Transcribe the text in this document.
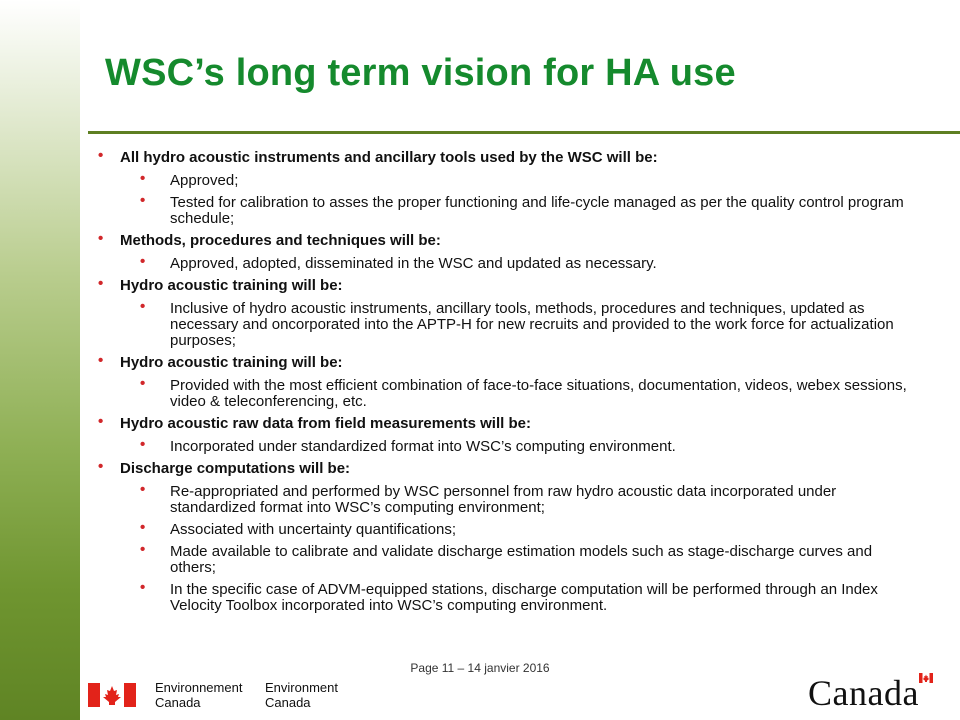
WSC’s long term vision for HA use
• All hydro acoustic instruments and ancillary tools used by the WSC will be:
• Approved;
• Tested for calibration to asses the proper functioning and life-cycle managed as per the quality control program schedule;
• Methods, procedures and techniques will be:
• Approved, adopted, disseminated in the WSC and updated as necessary.
• Hydro acoustic training will be:
• Inclusive of hydro acoustic instruments, ancillary tools, methods, procedures and techniques, updated as necessary and oncorporated into the APTP-H for new recruits and provided to the work force for actualization purposes;
• Hydro acoustic training will be:
• Provided with the most efficient combination of face-to-face situations, documentation, videos, webex sessions, video & teleconferencing, etc.
• Hydro acoustic raw data from field measurements will be:
• Incorporated under standardized format into WSC’s computing environment.
• Discharge computations will be:
• Re-appropriated and performed by WSC personnel from raw hydro acoustic data incorporated under standardized format into WSC’s computing environment;
• Associated with uncertainty quantifications;
• Made available to calibrate and validate discharge estimation models such as stage-discharge curves and others;
• In the specific case of ADVM-equipped stations, discharge computation will be performed through an Index Velocity Toolbox incorporated into WSC’s computing environment.
Page 11 – 14 janvier 2016
Environnement
Canada
Environment
Canada	Canada
